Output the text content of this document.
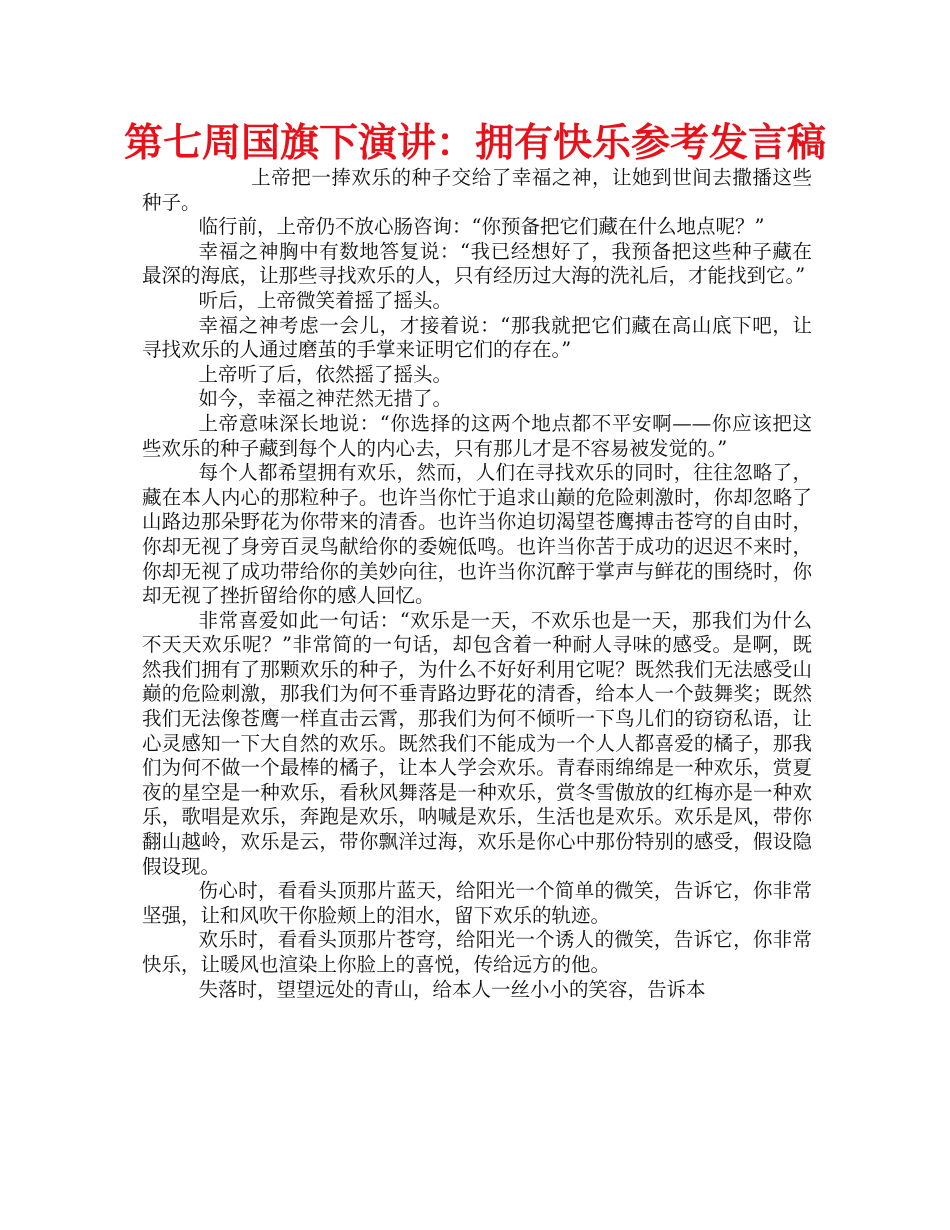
第七周国旗下演讲：拥有快乐参考发言稿

上帝把一捧欢乐的种子交给了幸福之神，让她到世间去撒播这些种子。

临行前，上帝仍不放心肠咨询：“你预备把它们藏在什么地点呢？”

幸福之神胸中有数地答复说：“我已经想好了，我预备把这些种子藏在最深的海底，让那些寻找欢乐的人，只有经历过大海的洗礼后，才能找到它。”

听后，上帝微笑着摇了摇头。

幸福之神考虑一会儿，才接着说：“那我就把它们藏在高山底下吧，让寻找欢乐的人通过磨茧的手掌来证明它们的存在。”

上帝听了后，依然摇了摇头。

如今，幸福之神茫然无措了。

上帝意味深长地说：“你选择的这两个地点都不平安啊——你应该把这些欢乐的种子藏到每个人的内心去，只有那儿才是不容易被发觉的。”

每个人都希望拥有欢乐，然而，人们在寻找欢乐的同时，往往忽略了，藏在本人内心的那粒种子。也许当你忙于追求山巅的危险刺激时，你却忽略了山路边那朵野花为你带来的清香。也许当你迫切渴望苍鹰搏击苍穹的自由时，你却无视了身旁百灵鸟献给你的委婉低鸣。也许当你苦于成功的迟迟不来时，你却无视了成功带给你的美妙向往，也许当你沉醉于掌声与鲜花的围绕时，你却无视了挫折留给你的感人回忆。

非常喜爱如此一句话：“欢乐是一天，不欢乐也是一天，那我们为什么不天天欢乐呢？”非常简的一句话，却包含着一种耐人寻味的感受。是啊，既然我们拥有了那颗欢乐的种子，为什么不好好利用它呢？既然我们无法感受山巅的危险刺激，那我们为何不垂青路边野花的清香，给本人一个鼓舞奖；既然我们无法像苍鹰一样直击云霄，那我们为何不倾听一下鸟儿们的窃窃私语，让心灵感知一下大自然的欢乐。既然我们不能成为一个人人都喜爱的橘子，那我们为何不做一个最棒的橘子，让本人学会欢乐。青春雨绵绵是一种欢乐，赏夏夜的星空是一种欢乐，看秋风舞落是一种欢乐，赏冬雪傲放的红梅亦是一种欢乐，歌唱是欢乐，奔跑是欢乐，呐喊是欢乐，生活也是欢乐。欢乐是风，带你翻山越岭，欢乐是云，带你飘洋过海，欢乐是你心中那份特别的感受，假设隐假设现。

伤心时，看看头顶那片蓝天，给阳光一个简单的微笑，告诉它，你非常坚强，让和风吹干你脸颊上的泪水，留下欢乐的轨迹。

欢乐时，看看头顶那片苍穹，给阳光一个诱人的微笑，告诉它，你非常快乐，让暖风也渲染上你脸上的喜悦，传给远方的他。

失落时，望望远处的青山，给本人一丝小小的笑容，告诉本
